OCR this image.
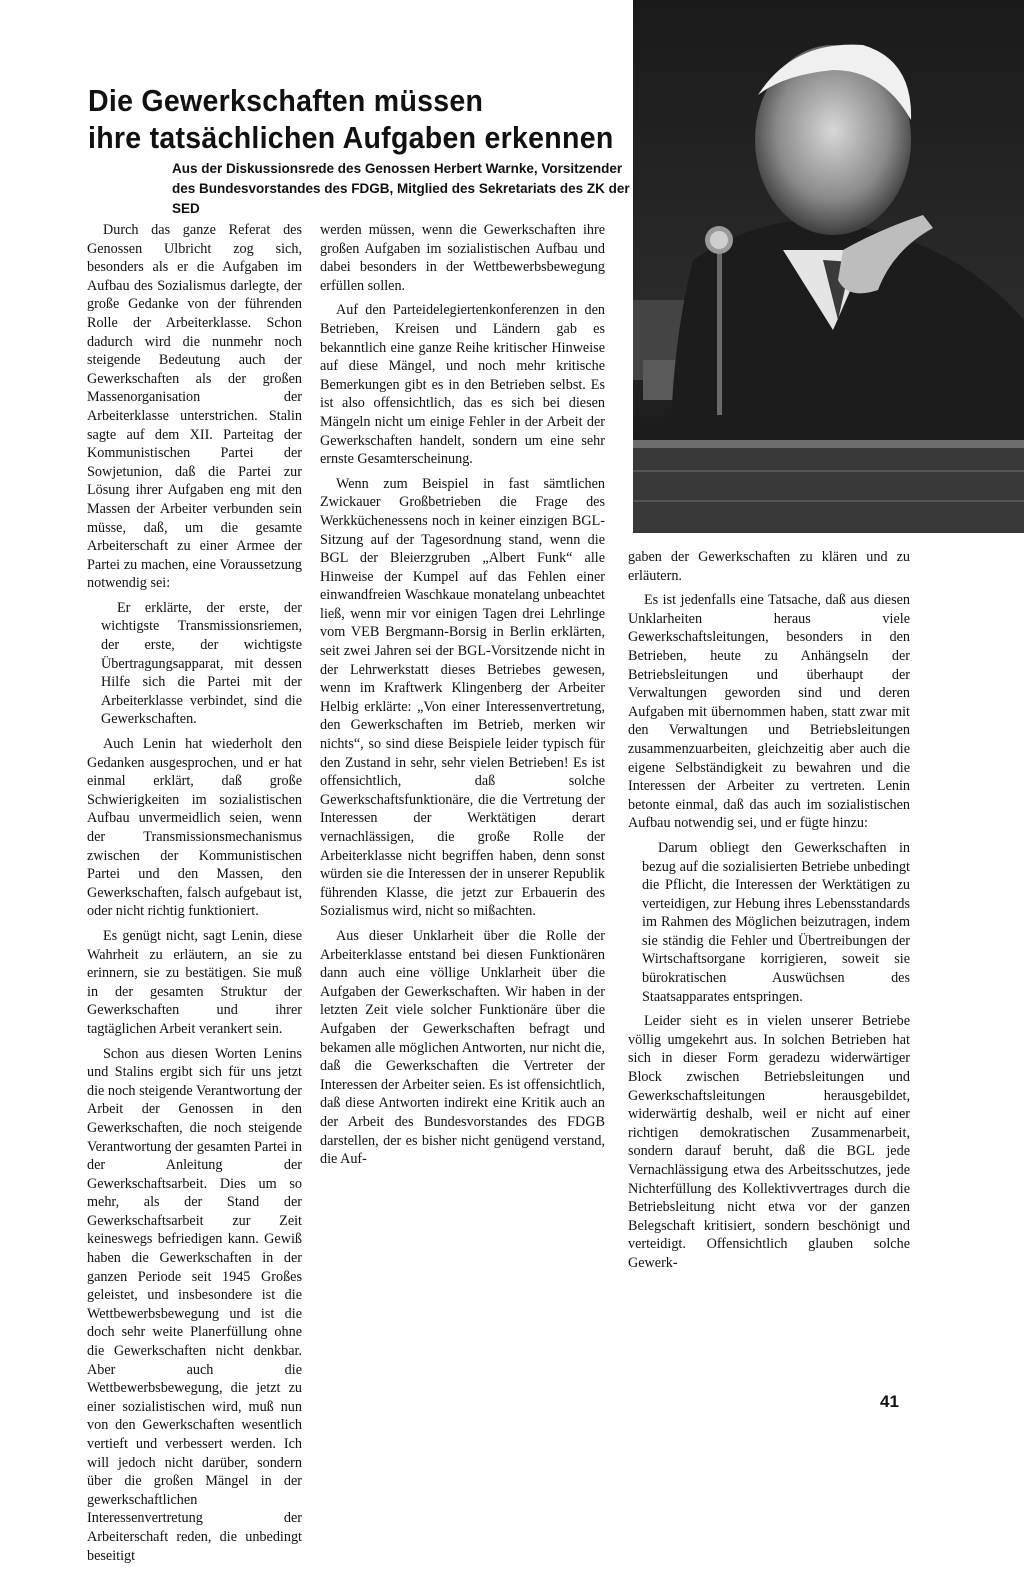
Die Gewerkschaften müssen
ihre tatsächlichen Aufgaben erkennen
Aus der Diskussionsrede des Genossen Herbert Warnke, Vorsitzender des Bundesvorstandes des FDGB, Mitglied des Sekretariats des ZK der SED

Durch das ganze Referat des Genossen Ulbricht zog sich, besonders als er die Aufgaben im Aufbau des Sozialismus darlegte, der große Gedanke von der führenden Rolle der Arbeiterklasse. Schon dadurch wird die nunmehr noch steigende Bedeutung auch der Gewerkschaften als der großen Massenorganisation der Arbeiterklasse unterstrichen. Stalin sagte auf dem XII. Parteitag der Kommunistischen Partei der Sowjetunion, daß die Partei zur Lösung ihrer Aufgaben eng mit den Massen der Arbeiter verbunden sein müsse, daß, um die gesamte Arbeiterschaft zu einer Armee der Partei zu machen, eine Voraussetzung notwendig sei:

Er erklärte, der erste, der wichtigste Transmissionsriemen, der erste, der wichtigste Übertragungsapparat, mit dessen Hilfe sich die Partei mit der Arbeiterklasse verbindet, sind die Gewerkschaften.

Auch Lenin hat wiederholt den Gedanken ausgesprochen, und er hat einmal erklärt, daß große Schwierigkeiten im sozialistischen Aufbau unvermeidlich seien, wenn der Transmissionsmechanismus zwischen der Kommunistischen Partei und den Massen, den Gewerkschaften, falsch aufgebaut ist, oder nicht richtig funktioniert.

Es genügt nicht, sagt Lenin, diese Wahrheit zu erläutern, an sie zu erinnern, sie zu bestätigen. Sie muß in der gesamten Struktur der Gewerkschaften und ihrer tagtäglichen Arbeit verankert sein.

Schon aus diesen Worten Lenins und Stalins ergibt sich für uns jetzt die noch steigende Verantwortung der Arbeit der Genossen in den Gewerkschaften, die noch steigende Verantwortung der gesamten Partei in der Anleitung der Gewerkschaftsarbeit. Dies um so mehr, als der Stand der Gewerkschaftsarbeit zur Zeit keineswegs befriedigen kann. Gewiß haben die Gewerkschaften in der ganzen Periode seit 1945 Großes geleistet, und insbesondere ist die Wettbewerbsbewegung und ist die doch sehr weite Planerfüllung ohne die Gewerkschaften nicht denkbar. Aber auch die Wettbewerbsbewegung, die jetzt zu einer sozialistischen wird, muß nun von den Gewerkschaften wesentlich vertieft und verbessert werden. Ich will jedoch nicht darüber, sondern über die großen Mängel in der gewerkschaftlichen Interessenvertretung der Arbeiterschaft reden, die unbedingt beseitigt

werden müssen, wenn die Gewerkschaften ihre großen Aufgaben im sozialistischen Aufbau und dabei besonders in der Wettbewerbsbewegung erfüllen sollen.

Auf den Parteidelegiertenkonferenzen in den Betrieben, Kreisen und Ländern gab es bekanntlich eine ganze Reihe kritischer Hinweise auf diese Mängel, und noch mehr kritische Bemerkungen gibt es in den Betrieben selbst. Es ist also offensichtlich, das es sich bei diesen Mängeln nicht um einige Fehler in der Arbeit der Gewerkschaften handelt, sondern um eine sehr ernste Gesamterscheinung.

Wenn zum Beispiel in fast sämtlichen Zwickauer Großbetrieben die Frage des Werkküchenessens noch in keiner einzigen BGL-Sitzung auf der Tagesordnung stand, wenn die BGL der Bleierzgruben „Albert Funk“ alle Hinweise der Kumpel auf das Fehlen einer einwandfreien Waschkaue monatelang unbeachtet ließ, wenn mir vor einigen Tagen drei Lehrlinge vom VEB Bergmann-Borsig in Berlin erklärten, seit zwei Jahren sei der BGL-Vorsitzende nicht in der Lehrwerkstatt dieses Betriebes gewesen, wenn im Kraftwerk Klingenberg der Arbeiter Helbig erklärte: „Von einer Interessenvertretung, den Gewerkschaften im Betrieb, merken wir nichts“, so sind diese Beispiele leider typisch für den Zustand in sehr, sehr vielen Betrieben! Es ist offensichtlich, daß solche Gewerkschaftsfunktionäre, die die Vertretung der Interessen der Werktätigen derart vernachlässigen, die große Rolle der Arbeiterklasse nicht begriffen haben, denn sonst würden sie die Interessen der in unserer Republik führenden Klasse, die jetzt zur Erbauerin des Sozialismus wird, nicht so mißachten.

Aus dieser Unklarheit über die Rolle der Arbeiterklasse entstand bei diesen Funktionären dann auch eine völlige Unklarheit über die Aufgaben der Gewerkschaften. Wir haben in der letzten Zeit viele solcher Funktionäre über die Aufgaben der Gewerkschaften befragt und bekamen alle möglichen Antworten, nur nicht die, daß die Gewerkschaften die Vertreter der Interessen der Arbeiter seien. Es ist offensichtlich, daß diese Antworten indirekt eine Kritik auch an der Arbeit des Bundesvorstandes des FDGB darstellen, der es bisher nicht genügend verstand, die Auf-

gaben der Gewerkschaften zu klären und zu erläutern.

Es ist jedenfalls eine Tatsache, daß aus diesen Unklarheiten heraus viele Gewerkschaftsleitungen, besonders in den Betrieben, heute zu Anhängseln der Betriebsleitungen und überhaupt der Verwaltungen geworden sind und deren Aufgaben mit übernommen haben, statt zwar mit den Verwaltungen und Betriebsleitungen zusammenzuarbeiten, gleichzeitig aber auch die eigene Selbständigkeit zu bewahren und die Interessen der Arbeiter zu vertreten. Lenin betonte einmal, daß das auch im sozialistischen Aufbau notwendig sei, und er fügte hinzu:

Darum obliegt den Gewerkschaften in bezug auf die sozialisierten Betriebe unbedingt die Pflicht, die Interessen der Werktätigen zu verteidigen, zur Hebung ihres Lebensstandards im Rahmen des Möglichen beizutragen, indem sie ständig die Fehler und Übertreibungen der Wirtschaftsorgane korrigieren, soweit sie bürokratischen Auswüchsen des Staatsapparates entspringen.

Leider sieht es in vielen unserer Betriebe völlig umgekehrt aus. In solchen Betrieben hat sich in dieser Form geradezu widerwärtiger Block zwischen Betriebsleitungen und Gewerkschaftsleitungen herausgebildet, widerwärtig deshalb, weil er nicht auf einer richtigen demokratischen Zusammenarbeit, sondern darauf beruht, daß die BGL jede Vernachlässigung etwa des Arbeitsschutzes, jede Nichterfüllung des Kollektivvertrages durch die Betriebsleitung nicht etwa vor der ganzen Belegschaft kritisiert, sondern beschönigt und verteidigt. Offensichtlich glauben solche Gewerk-

41
